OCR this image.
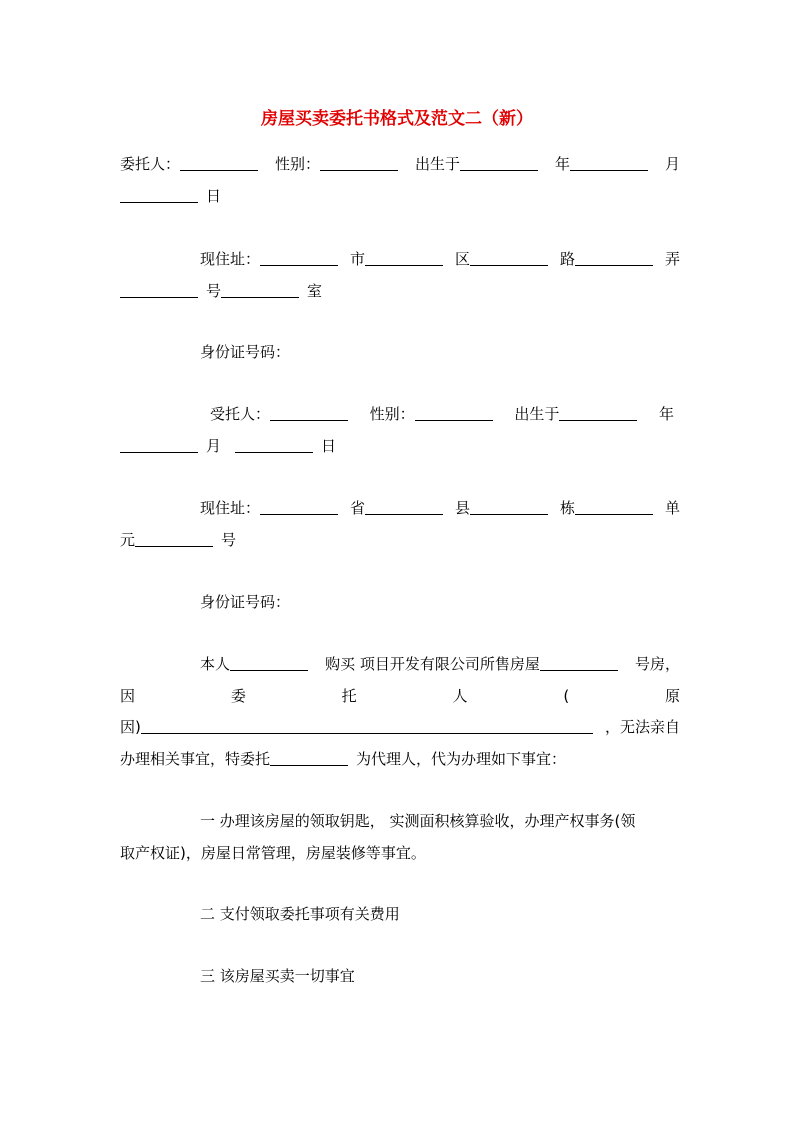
房屋买卖委托书格式及范文二（新）
委托人：	性别：	出生于	年	月
日
现住址：	市	区	路	弄
号	室
身份证号码：
受托人：	性别：	出生于	年
月	日
现住址：	省	县	栋	单
元	号
身份证号码：
本人	购买 项目开发有限公司所售房屋	号房，
因	委	托	人	(	原
因)	，无法亲自
办理相关事宜，特委托	为代理人，代为办理如下事宜：
一 办理该房屋的领取钥匙， 实测面积核算验收，办理产权事务(领
取产权证)，房屋日常管理，房屋装修等事宜。
二 支付领取委托事项有关费用
三 该房屋买卖一切事宜
